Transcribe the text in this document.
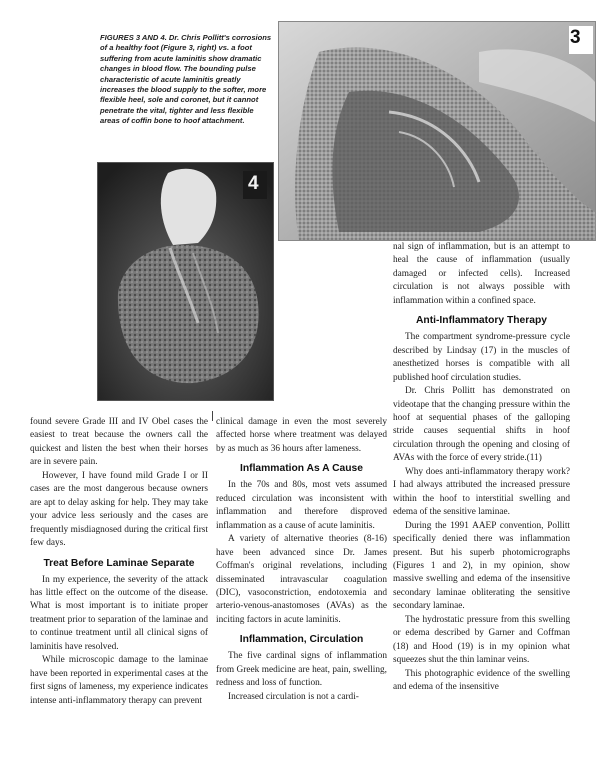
FIGURES 3 AND 4. Dr. Chris Pollitt's corrosions of a healthy foot (Figure 3, right) vs. a foot suffering from acute laminitis show dramatic changes in blood flow. The bounding pulse characteristic of acute laminitis greatly increases the blood supply to the softer, more flexible heel, sole and coronet, but it cannot penetrate the vital, tighter and less flexible areas of coffin bone to hoof attachment.
3
4

found severe Grade III and IV Obel cases the easiest to treat because the owners call the quickest and listen the best when their horses are in severe pain.

However, I have found mild Grade I or II cases are the most dangerous because owners are apt to delay asking for help. They may take your advice less seriously and the cases are frequently misdiagnosed during the critical first few days.

Treat Before Laminae Separate

In my experience, the severity of the attack has little effect on the outcome of the disease. What is most important is to initiate proper treatment prior to separation of the laminae and to continue treatment until all clinical signs of laminitis have resolved.

While microscopic damage to the laminae have been reported in experimental cases at the first signs of lameness, my experience indicates intense anti-inflammatory therapy can prevent

clinical damage in even the most severely affected horse where treatment was delayed by as much as 36 hours after lameness.

Inflammation As A Cause

In the 70s and 80s, most vets assumed reduced circulation was inconsistent with inflammation and therefore disproved inflammation as a cause of acute laminitis.

A variety of alternative theories (8-16) have been advanced since Dr. James Coffman's original revelations, including disseminated intravascular coagulation (DIC), vasoconstriction, endotoxemia and arterio-venous-anastomoses (AVAs) as the inciting factors in acute laminitis.

Inflammation, Circulation

The five cardinal signs of inflammation from Greek medicine are heat, pain, swelling, redness and loss of function.

Increased circulation is not a cardi-

nal sign of inflammation, but is an attempt to heal the cause of inflammation (usually damaged or infected cells). Increased circulation is not always possible with inflammation within a confined space.

Anti-Inflammatory Therapy

The compartment syndrome-pressure cycle described by Lindsay (17) in the muscles of anesthetized horses is compatible with all published hoof circulation studies.

Dr. Chris Pollitt has demonstrated on videotape that the changing pressure within the hoof at sequential phases of the galloping stride causes sequential shifts in hoof circulation through the opening and closing of AVAs with the force of every stride.(11)

Why does anti-inflammatory therapy work? I had always attributed the increased pressure within the hoof to interstitial swelling and edema of the sensitive laminae.

During the 1991 AAEP convention, Pollitt specifically denied there was inflammation present. But his superb photomicrographs (Figures 1 and 2), in my opinion, show massive swelling and edema of the insensitive secondary laminae obliterating the sensitive secondary laminae.

The hydrostatic pressure from this swelling or edema described by Garner and Coffman (18) and Hood (19) is in my opinion what squeezes shut the thin laminar veins.

This photographic evidence of the swelling and edema of the insensitive
